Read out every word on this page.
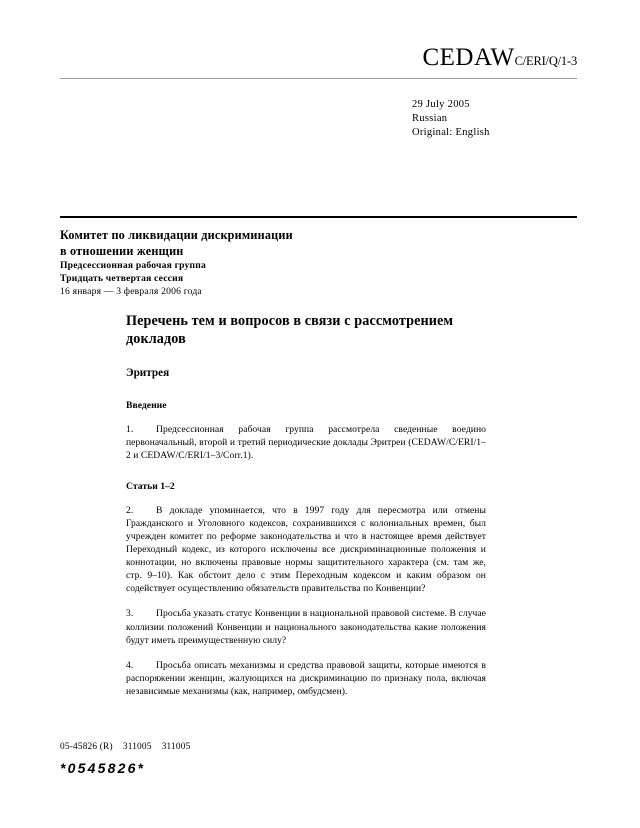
CEDAWC/ERI/Q/1-3
29 July 2005
Russian
Original: English
Комитет по ликвидации дискриминации
в отношении женщин
Предсессионная рабочая группа
Тридцать четвертая сессия
16 января — 3 февраля 2006 года
Перечень тем и вопросов в связи с рассмотрением докладов
Эритрея
Введение

1. Предсессионная рабочая группа рассмотрела сведенные воедино первоначальный, второй и третий периодические доклады Эритреи (CEDAW/C/ERI/1–2 и CEDAW/C/ERI/1–3/Corr.1).

Статьи 1–2

2. В докладе упоминается, что в 1997 году для пересмотра или отмены Гражданского и Уголовного кодексов, сохранившихся с колониальных времен, был учрежден комитет по реформе законодательства и что в настоящее время действует Переходный кодекс, из которого исключены все дискриминационные положения и коннотации, но включены правовые нормы защитительного характера (см. там же, стр. 9–10). Как обстоит дело с этим Переходным кодексом и каким образом он содействует осуществлению обязательств правительства по Конвенции?

3. Просьба указать статус Конвенции в национальной правовой системе. В случае коллизии положений Конвенции и национального законодательства какие положения будут иметь преимущественную силу?

4. Просьба описать механизмы и средства правовой защиты, которые имеются в распоряжении женщин, жалующихся на дискриминацию по признаку пола, включая независимые механизмы (как, например, омбудсмен).

05-45826 (R)    311005    311005
*0545826*
